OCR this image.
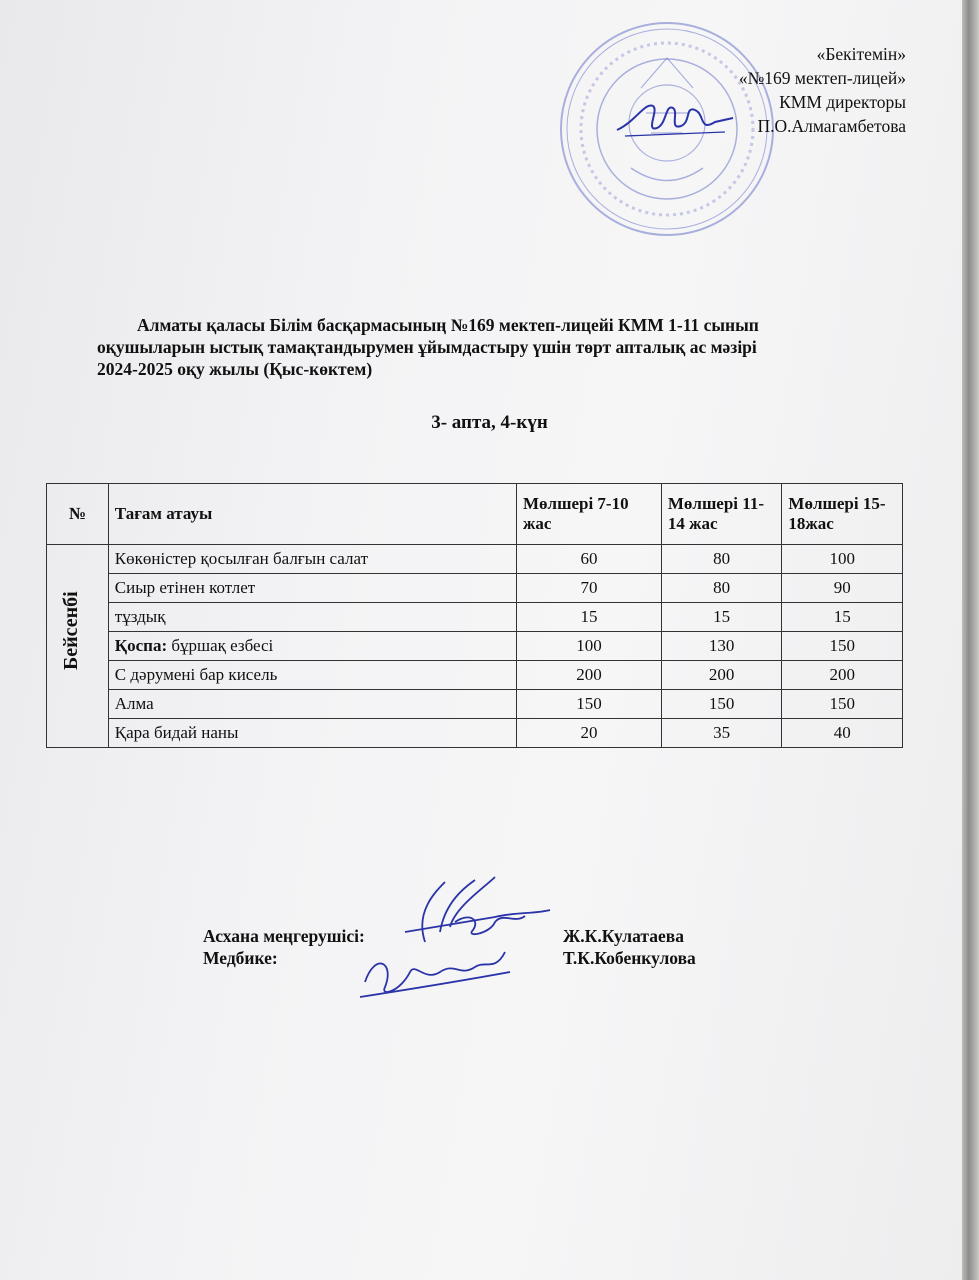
«Бекітемін»
«№169 мектеп-лицей»
КММ директоры
П.О.Алмагамбетова
Алматы қаласы Білім басқармасының №169 мектеп-лицейі КММ 1-11 сынып
оқушыларын ыстық тамақтандырумен ұйымдастыру үшін төрт апталық ас мәзірі
2024-2025 оқу жылы (Қыс-көктем)
3- апта, 4-күн
№	Тағам атауы	Мөлшері 7-10 жас	Мөлшері 11-14 жас	Мөлшері 15-18жас

Бейсенбі	Көкөністер қосылған балғын салат	60	80	100
	Сиыр етінен котлет	70	80	90
	тұздық	15	15	15
	Қоспа: бұршақ езбесі	100	130	150
	С дәрумені бар кисель	200	200	200
	Алма	150	150	150
	Қара бидай наны	20	35	40
Асхана меңгерушісі:
Медбике:
Ж.К.Кулатаева
Т.К.Кобенкулова
